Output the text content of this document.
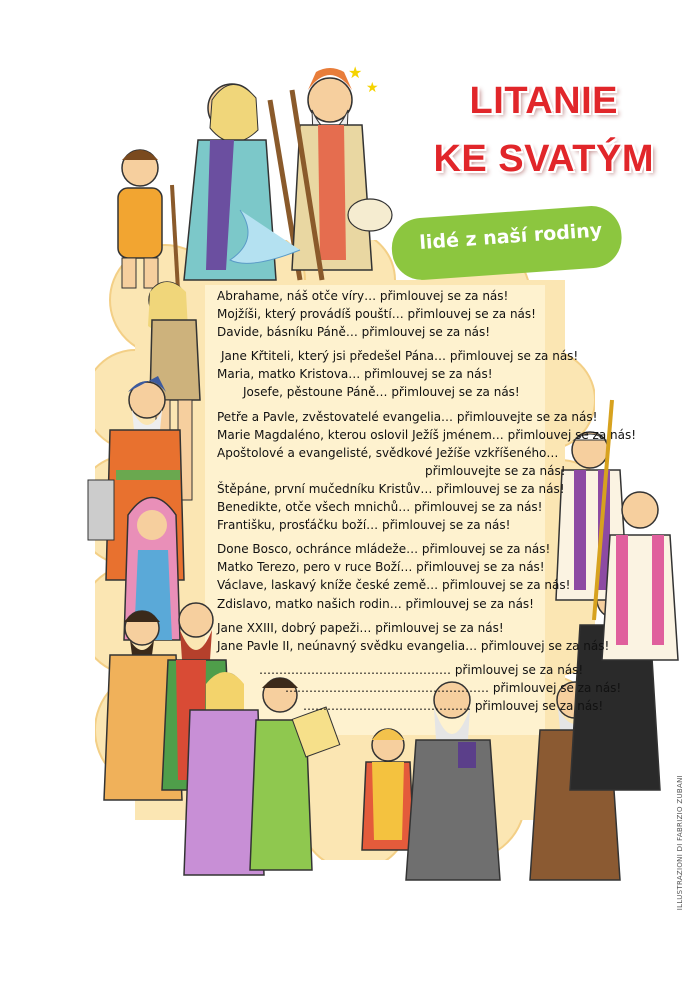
★
★ LITANIE
KE SVATÝM
lidé z naší rodiny
Abrahame, náš otče víry… přimlouvej se za nás!
Mojžíši, který provádíš pouští… přimlouvej se za nás!
Davide, básníku Páně… přimlouvej se za nás!
Jane Křtiteli, který jsi předešel Pána… přimlouvej se za nás!
Maria, matko Kristova… přimlouvej se za nás!
Josefe, pěstoune Páně… přimlouvej se za nás!
Petře a Pavle, zvěstovatelé evangelia… přimlouvejte se za nás!
Marie Magdaléno, kterou oslovil Ježíš jménem… přimlouvej se za nás!
Apoštolové a evangelisté, svědkové Ježíše vzkříšeného…
přimlouvejte se za nás!
Štěpáne, první mučedníku Kristův… přimlouvej se za nás!
Benedikte, otče všech mnichů… přimlouvej se za nás!
Františku, prosťáčku boží… přimlouvej se za nás!
Done Bosco, ochránce mládeže… přimlouvej se za nás!
Matko Terezo, pero v ruce Boží… přimlouvej se za nás!
Václave, laskavý kníže české země… přimlouvej se za nás!
Zdislavo, matko našich rodin… přimlouvej se za nás!
Jane XXIII, dobrý papeži… přimlouvej se za nás!
Jane Pavle II, neúnavný svědku evangelia… přimlouvej se za nás!
………………………………………… přimlouvej se za nás!
…………………………………………… přimlouvej se za nás!
…………………………………… přimlouvej se za nás!
ILLUSTRAZIONI DI FABRIZIO ZUBANI
